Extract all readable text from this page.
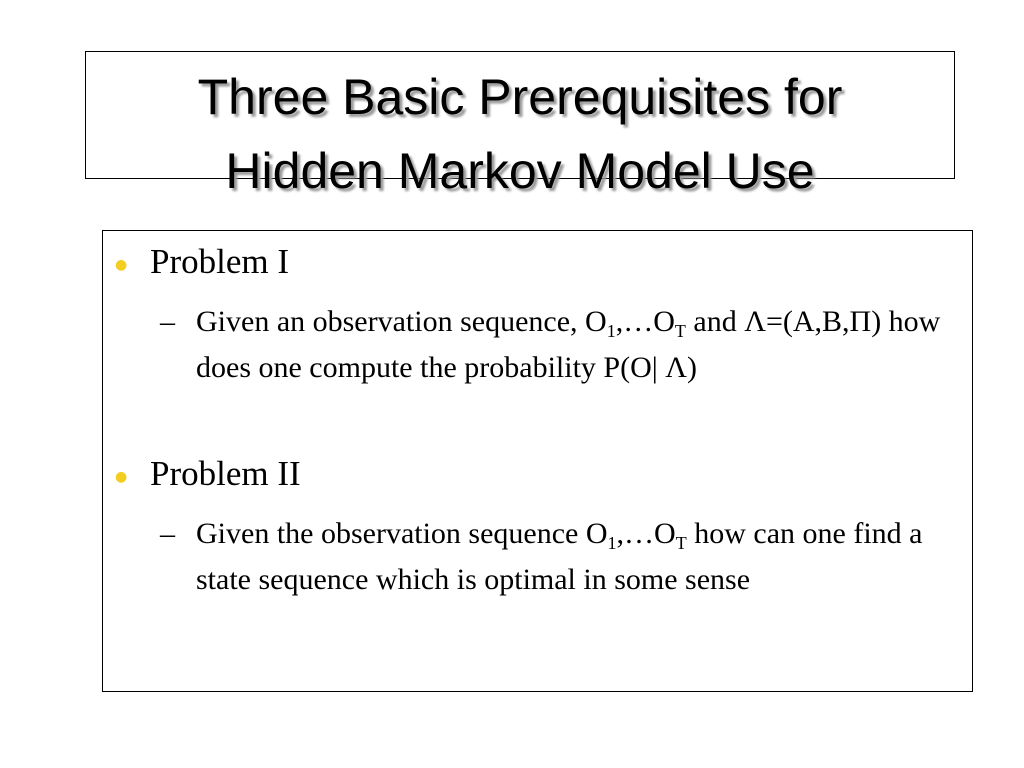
Three Basic Prerequisites for
Hidden Markov Model Use
● Problem I

– Given an observation sequence, $O_1,\dots O_T$ and Λ=(A,B,Π) how does one compute the probability P(O| Λ)

● Problem II

– Given the observation sequence $O_1,\dots O_T$ how can one find a state sequence which is optimal in some sense
